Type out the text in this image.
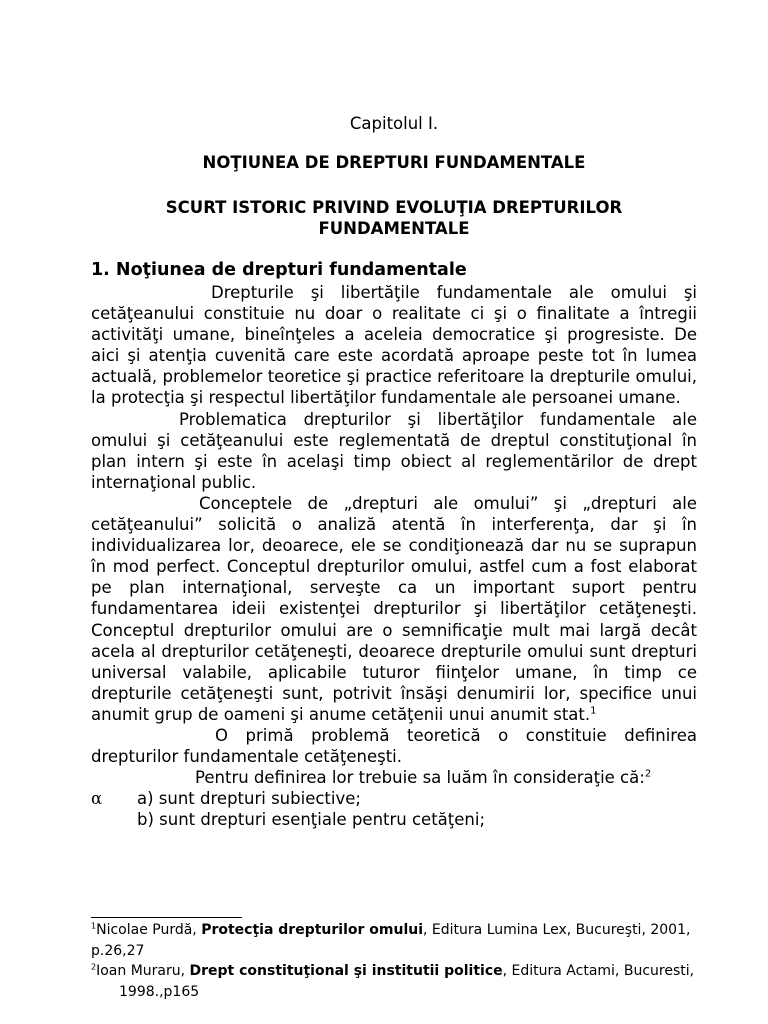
Capitolul I.
NOŢIUNEA DE DREPTURI FUNDAMENTALE
SCURT ISTORIC PRIVIND EVOLUŢIA DREPTURILOR FUNDAMENTALE
1. Noţiunea de drepturi fundamentale

Drepturile şi libertăţile fundamentale ale omului şi cetăţeanului constituie nu doar o realitate ci şi o finalitate a întregii activităţi umane, bineînţeles a aceleia democratice şi progresiste. De aici şi atenţia cuvenită care este acordată aproape peste tot în lumea actuală, problemelor teoretice şi practice referitoare la drepturile omului, la protecţia şi respectul libertăţilor fundamentale ale persoanei umane.

Problematica drepturilor şi libertăţilor fundamentale ale omului şi cetăţeanului este reglementată de dreptul constituţional în plan intern şi este în acelaşi timp obiect al reglementărilor de drept internaţional public.

Conceptele de „drepturi ale omului” şi „drepturi ale cetăţeanului” solicită o analiză atentă în interferenţa, dar şi în individualizarea lor, deoarece, ele se condiţionează dar nu se suprapun în mod perfect. Conceptul drepturilor omului, astfel cum a fost elaborat pe plan internaţional, serveşte ca un important suport pentru fundamentarea ideii existenţei drepturilor şi libertăţilor cetăţeneşti. Conceptul drepturilor omului are o semnificaţie mult mai largă decât acela al drepturilor cetăţeneşti, deoarece drepturile omului sunt drepturi universal valabile, aplicabile tuturor fiinţelor umane, în timp ce drepturile cetăţeneşti sunt, potrivit însăşi denumirii lor, specifice unui anumit grup de oameni şi anume cetăţenii unui anumit stat.$^1$

O primă problemă teoretică o constituie definirea drepturilor fundamentale cetăţeneşti.

Pentru definirea lor trebuie sa luăm în consideraţie că:$^2$

α	a) sunt drepturi subiective;
b) sunt drepturi esenţiale pentru cetăţeni;

$^1$Nicolae Purdă, Protecţia drepturilor omului, Editura Lumina Lex, Bucureşti, 2001, p.26,27

$^2$Ioan Muraru, Drept constituţional şi institutii politice, Editura Actami, Bucuresti,1998.,p165
